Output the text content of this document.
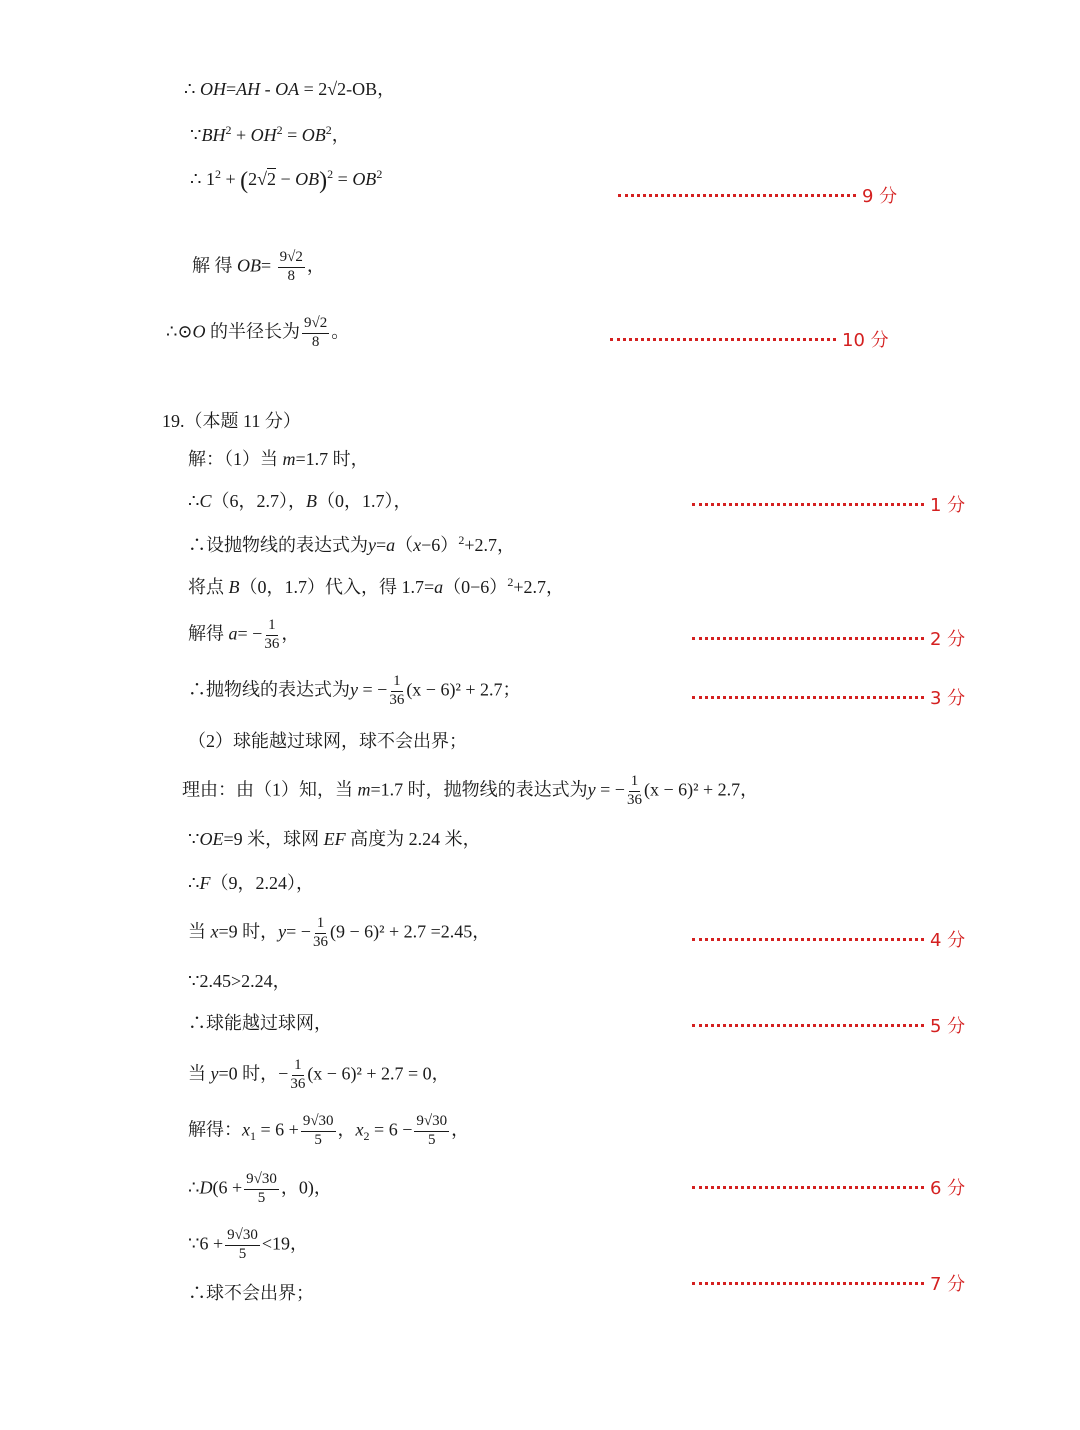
∴ OH=AH - OA = 2√2-OB，
$\because BH^2 + OH^2 = OB^2$，
∴ $1^2 + (2√2 - OB)^2 = OB^2$
9 分
解 得 $OB= \frac{9√2}{8}$ ，
∴⊙O 的半径长为 $\frac{9√2}{8}$ 。	10 分
19.（本题 11 分）
解：（1）当 m=1.7 时，
∴C（6，2.7），B（0，1.7），	1 分
∴设抛物线的表达式为$y=a(x-6)^2+2.7$，
将点 B（0，1.7）代入，得 $1.7=a(0-6)^2+2.7$，
解得 $a= - \frac{1}{36}$ ，	2 分
∴抛物线的表达式为y = − $\frac{1}{36} (x - 6)^2 + 2.7$；	3 分
（2）球能越过球网，球不会出界；
理由：由（1）知，当 m=1.7 时，抛物线的表达式为y = − $\frac{1}{36} (x - 6)^2 + 2.7$，
∵OE=9 米，球网 EF 高度为 2.24 米，
∴F（9，2.24），
当 x=9 时，$y= - \frac{1}{36} (9 - 6)^2 + 2.7 =2.45$，	4 分
∵2.45>2.24，
∴球能越过球网，	5 分
当 y=0 时，− $\frac{1}{36} (x - 6)^2 + 2.7 = 0$，
解得：$x_1 = 6 + \frac{9√30}{5}$ ，$x_2 = 6 - \frac{9√30}{5}$ ，
∴D(6 + $\frac{9√30}{5}$ ，0)，	6 分
∵6 + $\frac{9√30}{5} <19$，
∴球不会出界；	7 分
